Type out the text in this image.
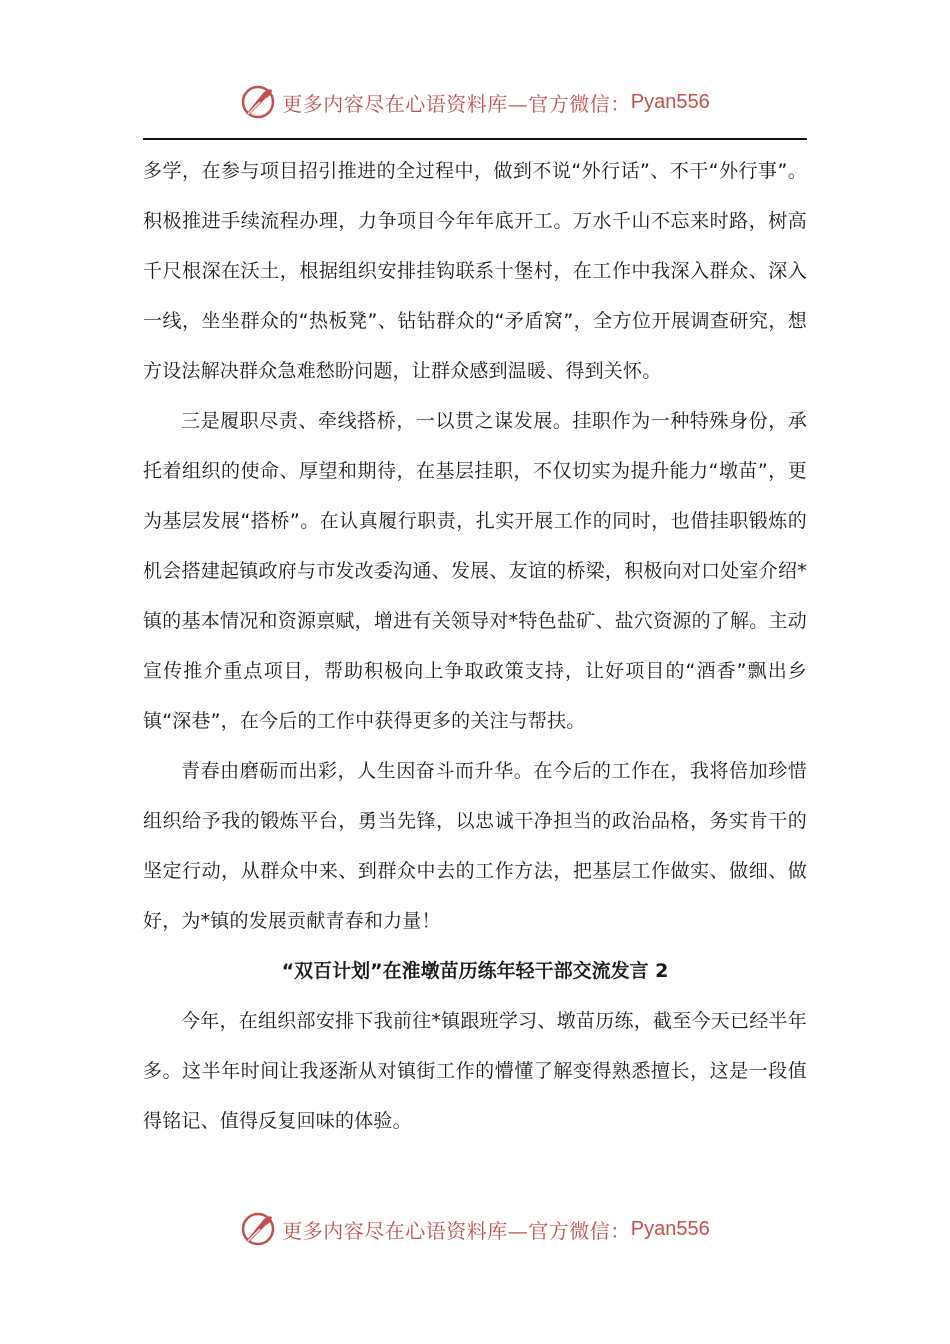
更多内容尽在心语资料库—官方微信： Pyan556

多学，在参与项目招引推进的全过程中，做到不说“外行话”、不干“外行事”。积极推进手续流程办理，力争项目今年年底开工。万水千山不忘来时路，树高千尺根深在沃土，根据组织安排挂钩联系十堡村，在工作中我深入群众、深入一线，坐坐群众的“热板凳”、钻钻群众的“矛盾窝”，全方位开展调查研究，想方设法解决群众急难愁盼问题，让群众感到温暖、得到关怀。

三是履职尽责、牵线搭桥，一以贯之谋发展。挂职作为一种特殊身份，承托着组织的使命、厚望和期待，在基层挂职，不仅切实为提升能力“墩苗”，更为基层发展“搭桥”。在认真履行职责，扎实开展工作的同时，也借挂职锻炼的机会搭建起镇政府与市发改委沟通、发展、友谊的桥梁，积极向对口处室介绍*镇的基本情况和资源禀赋，增进有关领导对*特色盐矿、盐穴资源的了解。主动宣传推介重点项目，帮助积极向上争取政策支持，让好项目的“酒香”飘出乡镇“深巷”，在今后的工作中获得更多的关注与帮扶。

青春由磨砺而出彩，人生因奋斗而升华。在今后的工作在，我将倍加珍惜组织给予我的锻炼平台，勇当先锋，以忠诚干净担当的政治品格，务实肯干的坚定行动，从群众中来、到群众中去的工作方法，把基层工作做实、做细、做好，为*镇的发展贡献青春和力量！

“双百计划”在淮墩苗历练年轻干部交流发言 2

今年，在组织部安排下我前往*镇跟班学习、墩苗历练，截至今天已经半年多。这半年时间让我逐渐从对镇街工作的懵懂了解变得熟悉擅长，这是一段值得铭记、值得反复回味的体验。

更多内容尽在心语资料库—官方微信： Pyan556
